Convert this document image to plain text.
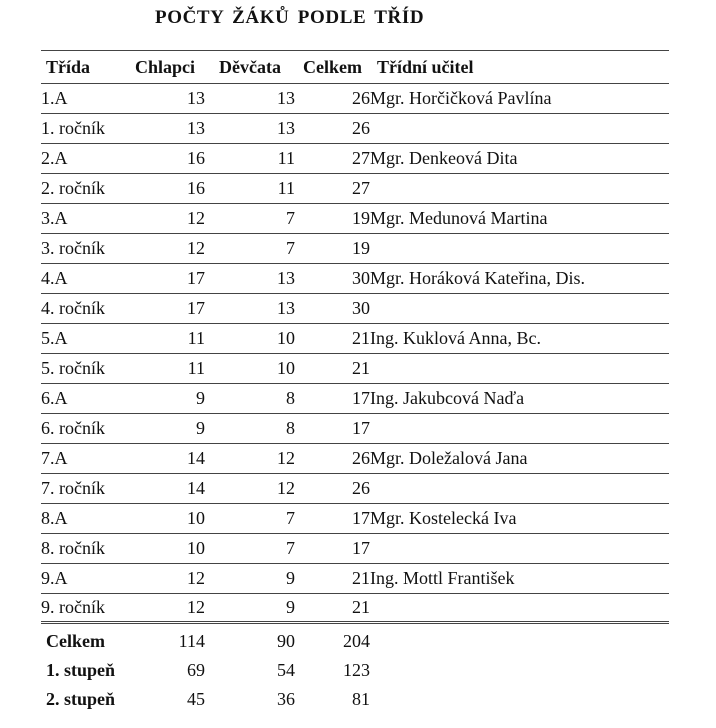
POČTY ŽÁKŮ PODLE TŘÍD
Třída	Chlapci	Děvčata	Celkem	Třídní učitel
1.A	13	13	26	Mgr. Horčičková Pavlína
1. ročník	13	13	26	
2.A	16	11	27	Mgr. Denkeová Dita
2. ročník	16	11	27	
3.A	12	7	19	Mgr. Medunová Martina
3. ročník	12	7	19	
4.A	17	13	30	Mgr. Horáková Kateřina, Dis.
4. ročník	17	13	30	
5.A	11	10	21	Ing. Kuklová Anna, Bc.
5. ročník	11	10	21	
6.A	9	8	17	Ing. Jakubcová Naďa
6. ročník	9	8	17	
7.A	14	12	26	Mgr. Doležalová Jana
7. ročník	14	12	26	
8.A	10	7	17	Mgr. Kostelecká Iva
8. ročník	10	7	17	
9.A	12	9	21	Ing. Mottl František
9. ročník	12	9	21	
Celkem	114	90	204	
1. stupeň	69	54	123	
2. stupeň	45	36	81	
